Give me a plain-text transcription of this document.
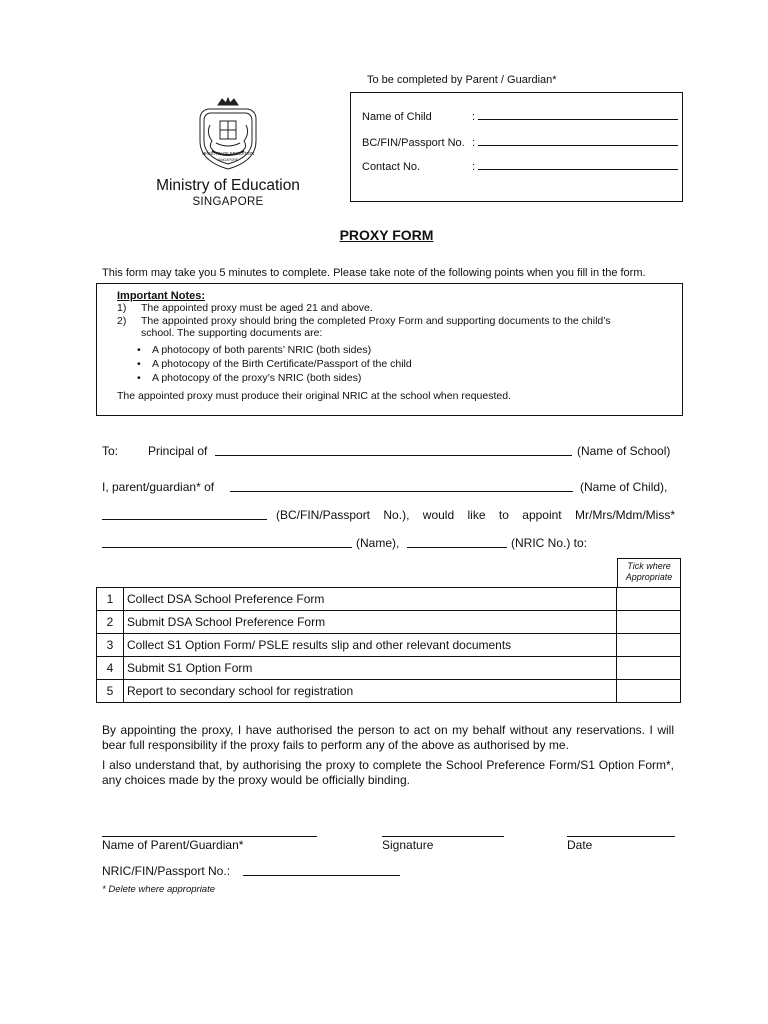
To be completed by Parent / Guardian*
Name of Child	:
BC/FIN/Passport No. :
Contact No.	:
MINISTRY OF EDUCATION
SINGAPORE
Ministry of Education
SINGAPORE
PROXY FORM
This form may take you 5 minutes to complete. Please take note of the following points when you fill in the form.
Important Notes:
1) The appointed proxy must be aged 21 and above.
2) The appointed proxy should bring the completed Proxy Form and supporting documents to the child’s
school. The supporting documents are:
• A photocopy of both parents’ NRIC (both sides)
• A photocopy of the Birth Certificate/Passport of the child
• A photocopy of the proxy’s NRIC (both sides)
The appointed proxy must produce their original NRIC at the school when requested.
To: Principal of	(Name of School)
I, parent/guardian* of	(Name of Child),
(BC/FIN/Passport No.), would like to appoint Mr/Mrs/Mdm/Miss*
(Name),	(NRIC No.) to:
Tick where Appropriate
1	Collect DSA School Preference Form	
2	Submit DSA School Preference Form	
3	Collect S1 Option Form/ PSLE results slip and other relevant documents	
4	Submit S1 Option Form	
5	Report to secondary school for registration	
By appointing the proxy, I have authorised the person to act on my behalf without any reservations. I will bear full responsibility if the proxy fails to perform any of the above as authorised by me.
I also understand that, by authorising the proxy to complete the School Preference Form/S1 Option Form*, any choices made by the proxy would be officially binding.
Name of Parent/Guardian*	Signature	Date
NRIC/FIN/Passport No.:
* Delete where appropriate
